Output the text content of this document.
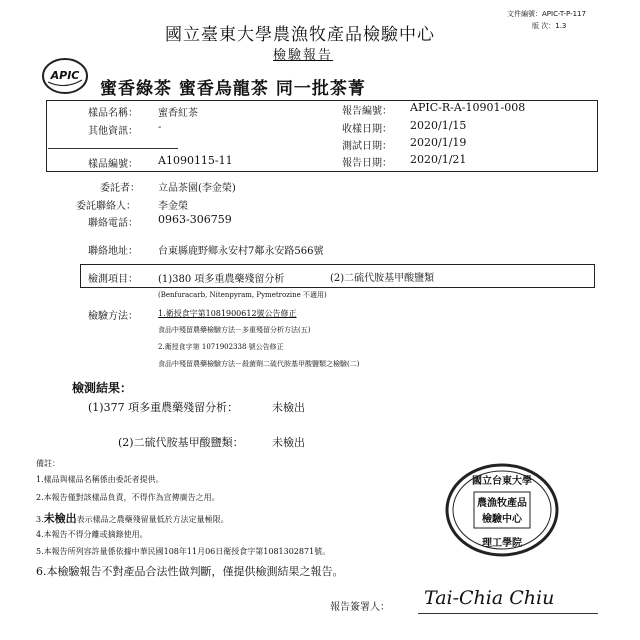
文件編號：APIC-T-P-117
版 次：1.3
國立臺東大學農漁牧產品檢驗中心
檢驗報告
APIC
蜜香綠茶 蜜香烏龍茶 同一批茶菁
樣品名稱： 蜜香紅茶
其他資訊： -
樣品編號： A1090115-11
報告編號： APIC-R-A-10901-008
收樣日期： 2020/1/15
測試日期： 2020/1/19
報告日期： 2020/1/21
委託者： 立品茶園(李金榮)
委託聯絡人： 李金榮
聯絡電話： 0963-306759
聯絡地址： 台東縣鹿野鄉永安村7鄰永安路566號
檢測項目： (1)380 項多重農藥殘留分析	(2)二硫代胺基甲酸鹽類
(Benfuracarb, Nitenpyram, Pymetrozine 不適用)
檢驗方法：	1.衛授食字第1081900612號公告修正
食品中殘留農藥檢驗方法－多重殘留分析方法(五)
2.衛授食字第 1071902338 號公告修正
食品中殘留農藥檢驗方法－殺菌劑二硫代胺基甲酸鹽類之檢驗(二)
檢測結果：
(1)377 項多重農藥殘留分析：	未檢出
(2)二硫代胺基甲酸鹽類：	未檢出
備註：
1.樣品與樣品名稱係由委託者提供。
2.本報告僅對該樣品負責，不得作為宣傳廣告之用。
3.未檢出表示樣品之農藥殘留量低於方法定量極限。
4.本報告不得分離或摘錄使用。
5.本報告所列容許量係依據中華民國108年11月06日衛授食字第1081302871號。
6.本檢驗報告不對產品合法性做判斷，僅提供檢測結果之報告。
國立台東大學
農漁牧產品
檢驗中心
理工學院
報告簽署人： Tai-Chia Chiu
